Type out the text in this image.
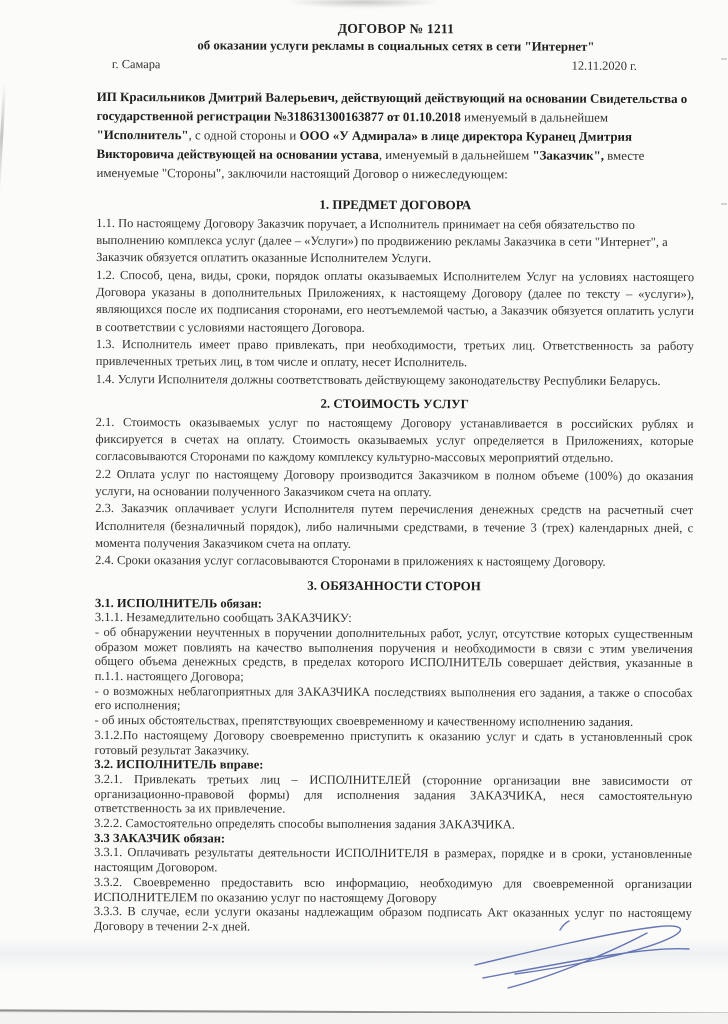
ДОГОВОР № 1211
об оказании услуги рекламы в социальных сетях в сети "Интернет"
г. Самара	12.11.2020 г.

ИП Красильников Дмитрий Валерьевич, действующий действующий на основании Свидетельства о государственной регистрации №318631300163877 от 01.10.2018 именуемый в дальнейшем "Исполнитель", с одной стороны и ООО «У Адмирала» в лице директора Куранец Дмитрия Викторовича действующей на основании устава, именуемый в дальнейшем "Заказчик", вместе именуемые "Стороны", заключили настоящий Договор о нижеследующем:

1. ПРЕДМЕТ ДОГОВОРА

1.1. По настоящему Договору Заказчик поручает, а Исполнитель принимает на себя обязательство по выполнению комплекса услуг (далее – «Услуги») по продвижению рекламы Заказчика в сети "Интернет", а Заказчик обязуется оплатить оказанные Исполнителем Услуги.

1.2. Способ, цена, виды, сроки, порядок оплаты оказываемых Исполнителем Услуг на условиях настоящего Договора указаны в дополнительных Приложениях, к настоящему Договору (далее по тексту – «услуги»), являющихся после их подписания сторонами, его неотъемлемой частью, а Заказчик обязуется оплатить услуги в соответствии с условиями настоящего Договора.

1.3. Исполнитель имеет право привлекать, при необходимости, третьих лиц. Ответственность за работу привлеченных третьих лиц, в том числе и оплату, несет Исполнитель.

1.4. Услуги Исполнителя должны соответствовать действующему законодательству Республики Беларусь.

2. СТОИМОСТЬ УСЛУГ

2.1. Стоимость оказываемых услуг по настоящему Договору устанавливается в российских рублях и фиксируется в счетах на оплату. Стоимость оказываемых услуг определяется в Приложениях, которые согласовываются Сторонами по каждому комплексу культурно-массовых мероприятий отдельно.

2.2 Оплата услуг по настоящему Договору производится Заказчиком в полном объеме (100%) до оказания услуги, на основании полученного Заказчиком счета на оплату.

2.3. Заказчик оплачивает услуги Исполнителя путем перечисления денежных средств на расчетный счет Исполнителя (безналичный порядок), либо наличными средствами, в течение 3 (трех) календарных дней, с момента получения Заказчиком счета на оплату.

2.4. Сроки оказания услуг согласовываются Сторонами в приложениях к настоящему Договору.

3. ОБЯЗАННОСТИ СТОРОН

3.1. ИСПОЛНИТЕЛЬ обязан:

3.1.1. Незамедлительно сообщать ЗАКАЗЧИКУ:

- об обнаружении неучтенных в поручении дополнительных работ, услуг, отсутствие которых существенным образом может повлиять на качество выполнения поручения и необходимости в связи с этим увеличения общего объема денежных средств, в пределах которого ИСПОЛНИТЕЛЬ совершает действия, указанные в п.1.1. настоящего Договора;

- о возможных неблагоприятных для ЗАКАЗЧИКА последствиях выполнения его задания, а также о способах его исполнения;

- об иных обстоятельствах, препятствующих своевременному и качественному исполнению задания.

3.1.2.По настоящему Договору своевременно приступить к оказанию услуг и сдать в установленный срок готовый результат Заказчику.

3.2. ИСПОЛНИТЕЛЬ вправе:

3.2.1. Привлекать третьих лиц – ИСПОЛНИТЕЛЕЙ (сторонние организации вне зависимости от организационно-правовой формы) для исполнения задания ЗАКАЗЧИКА, неся самостоятельную ответственность за их привлечение.

3.2.2. Самостоятельно определять способы выполнения задания ЗАКАЗЧИКА.

3.3 ЗАКАЗЧИК обязан:

3.3.1. Оплачивать результаты деятельности ИСПОЛНИТЕЛЯ в размерах, порядке и в сроки, установленные настоящим Договором.

3.3.2. Своевременно предоставить всю информацию, необходимую для своевременной организации ИСПОЛНИТЕЛЕМ по оказанию услуг по настоящему Договору

3.3.3. В случае, если услуги оказаны надлежащим образом подписать Акт оказанных услуг по настоящему Договору в течении 2-х дней.
